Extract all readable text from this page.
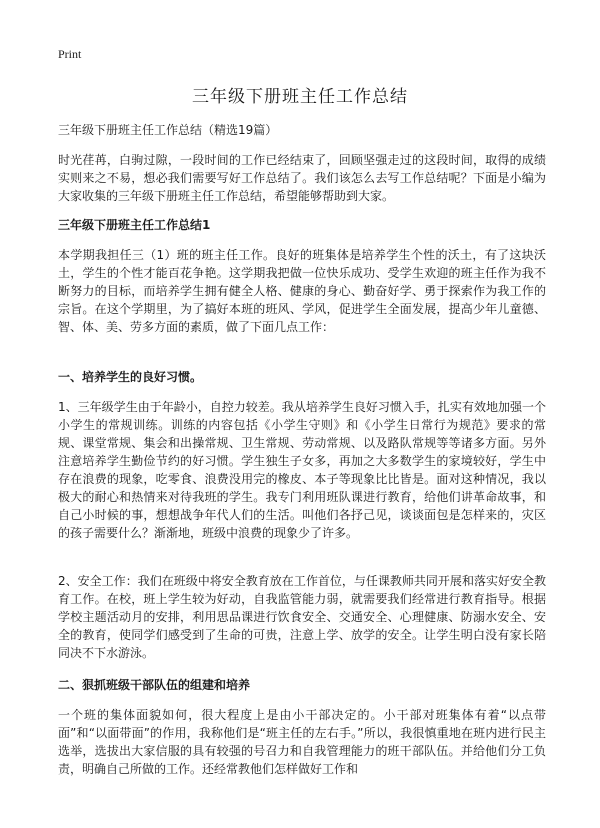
Print
三年级下册班主任工作总结

三年级下册班主任工作总结（精选19篇）

时光荏苒，白驹过隙，一段时间的工作已经结束了，回顾坚强走过的这段时间，取得的成绩实则来之不易，想必我们需要写好工作总结了。我们该怎么去写工作总结呢？下面是小编为大家收集的三年级下册班主任工作总结，希望能够帮助到大家。

三年级下册班主任工作总结1

本学期我担任三（1）班的班主任工作。良好的班集体是培养学生个性的沃土，有了这块沃土，学生的个性才能百花争艳。这学期我把做一位快乐成功、受学生欢迎的班主任作为我不断努力的目标，而培养学生拥有健全人格、健康的身心、勤奋好学、勇于探索作为我工作的宗旨。在这个学期里，为了搞好本班的班风、学风，促进学生全面发展，提高少年儿童德、智、体、美、劳多方面的素质，做了下面几点工作：

一、培养学生的良好习惯。

1、三年级学生由于年龄小，自控力较差。我从培养学生良好习惯入手，扎实有效地加强一个小学生的常规训练。训练的内容包括《小学生守则》和《小学生日常行为规范》要求的常规、课堂常规、集会和出操常规、卫生常规、劳动常规、以及路队常规等等诸多方面。另外注意培养学生勤俭节约的好习惯。学生独生子女多，再加之大多数学生的家境较好，学生中存在浪费的现象，吃零食、浪费没用完的橡皮、本子等现象比比皆是。面对这种情况，我以极大的耐心和热情来对待我班的学生。我专门利用班队课进行教育，给他们讲革命故事，和自己小时候的事，想想战争年代人们的生活。叫他们各抒己见，谈谈面包是怎样来的，灾区的孩子需要什么？渐渐地，班级中浪费的现象少了许多。

2、安全工作：我们在班级中将安全教育放在工作首位，与任课教师共同开展和落实好安全教育工作。在校，班上学生较为好动，自我监管能力弱，就需要我们经常进行教育指导。根据学校主题活动月的安排，利用思品课进行饮食安全、交通安全、心理健康、防溺水安全、安全的教育，使同学们感受到了生命的可贵，注意上学、放学的安全。让学生明白没有家长陪同决不下水游泳。

二、狠抓班级干部队伍的组建和培养

一个班的集体面貌如何，很大程度上是由小干部决定的。小干部对班集体有着“以点带面”和“以面带面”的作用，我称他们是“班主任的左右手。”所以，我很慎重地在班内进行民主选举，选拔出大家信服的具有较强的号召力和自我管理能力的班干部队伍。并给他们分工负责，明确自己所做的工作。还经常教他们怎样做好工作和
